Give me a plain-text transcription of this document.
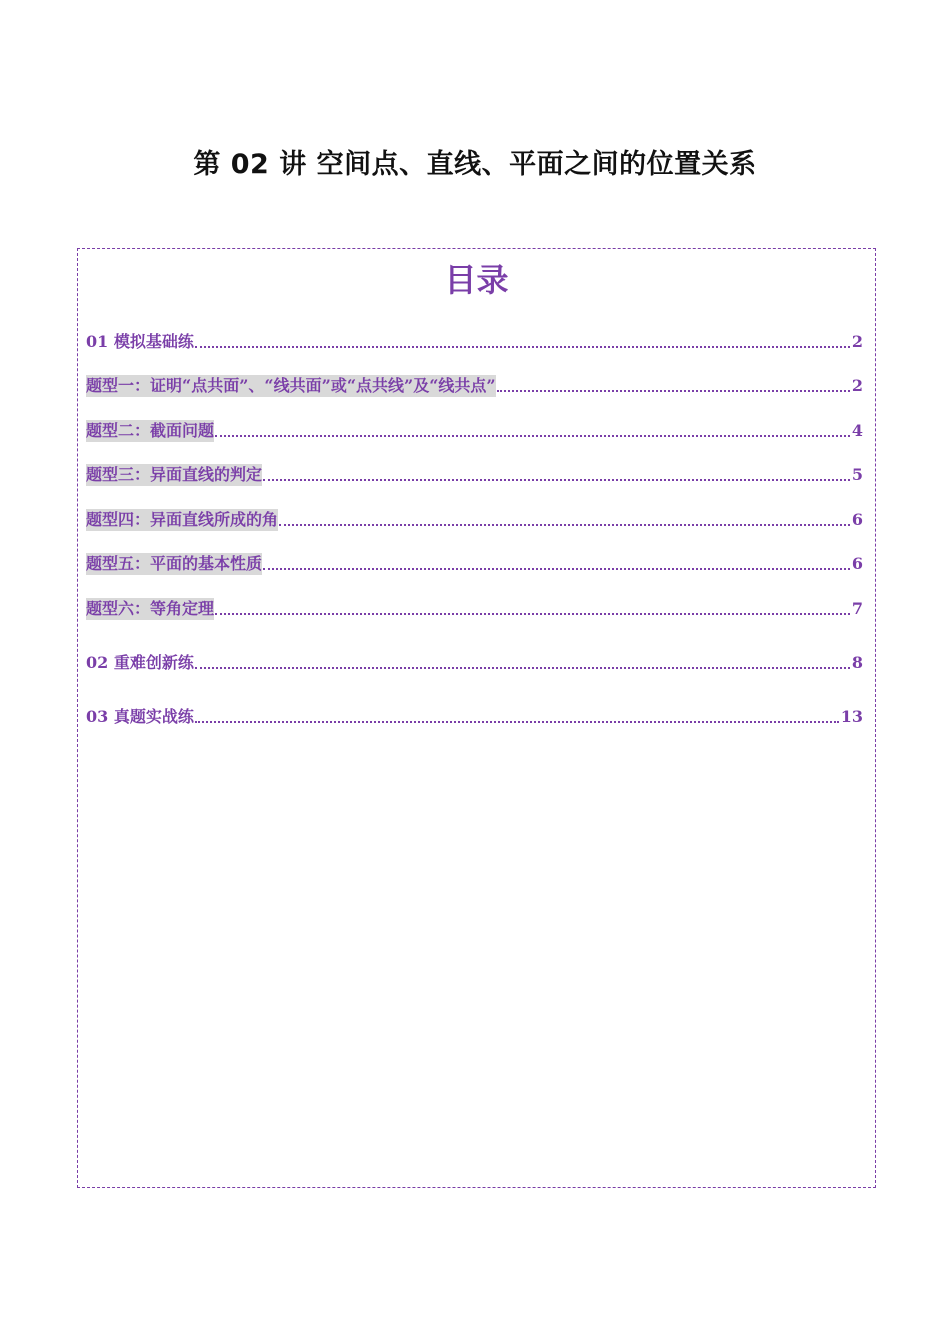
第 02 讲 空间点、直线、平面之间的位置关系
目录
01 模拟基础练	2
题型一：证明“点共面”、“线共面”或“点共线”及“线共点”	2
题型二：截面问题	4
题型三：异面直线的判定	5
题型四：异面直线所成的角	6
题型五：平面的基本性质	6
题型六：等角定理	7
02 重难创新练	8
03 真题实战练	13
